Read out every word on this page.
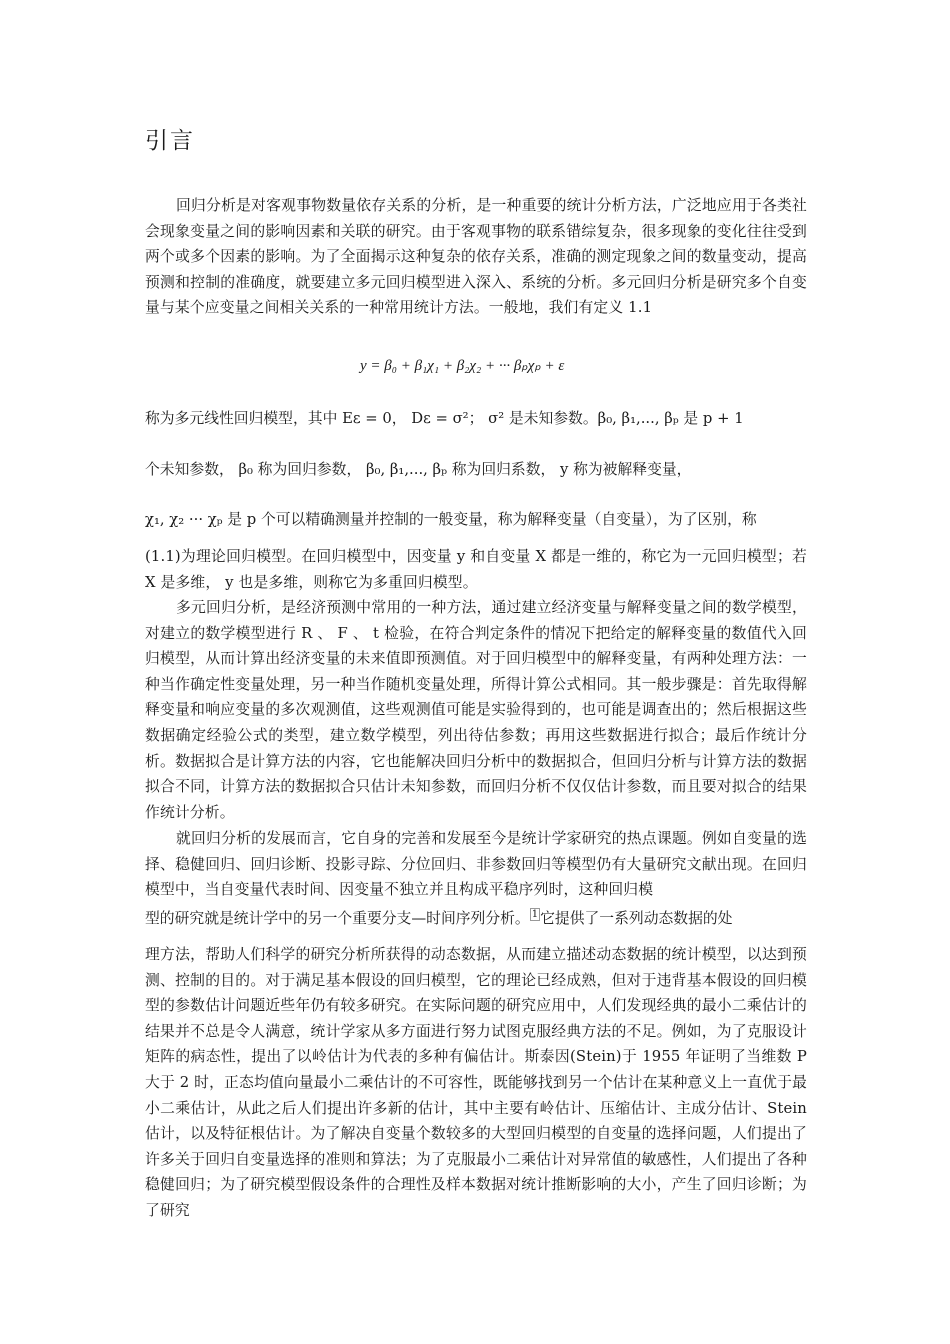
引言

回归分析是对客观事物数量依存关系的分析，是一种重要的统计分析方法，广泛地应用于各类社会现象变量之间的影响因素和关联的研究。由于客观事物的联系错综复杂，很多现象的变化往往受到两个或多个因素的影响。为了全面揭示这种复杂的依存关系，准确的测定现象之间的数量变动，提高预测和控制的准确度，就要建立多元回归模型进入深入、系统的分析。多元回归分析是研究多个自变量与某个应变量之间相关关系的一种常用统计方法。一般地，我们有定义 1.1

y = β₀ + β₁χ₁ + β₂χ₂ + ··· βₚχₚ + ε
称为多元线性回归模型，其中 Eε = 0， Dε = σ²； σ² 是未知参数。β₀, β₁,..., βₚ 是 p + 1
个未知参数， β₀ 称为回归参数， β₀, β₁,..., βₚ 称为回归系数， y 称为被解释变量，
χ₁, χ₂ ··· χₚ 是 p 个可以精确测量并控制的一般变量，称为解释变量（自变量），为了区别，称

(1.1)为理论回归模型。在回归模型中，因变量 y 和自变量 X 都是一维的，称它为一元回归模型；若 X 是多维， y 也是多维，则称它为多重回归模型。

多元回归分析，是经济预测中常用的一种方法，通过建立经济变量与解释变量之间的数学模型，对建立的数学模型进行 R 、 F 、 t 检验，在符合判定条件的情况下把给定的解释变量的数值代入回归模型，从而计算出经济变量的未来值即预测值。对于回归模型中的解释变量，有两种处理方法：一种当作确定性变量处理，另一种当作随机变量处理，所得计算公式相同。其一般步骤是：首先取得解释变量和响应变量的多次观测值，这些观测值可能是实验得到的，也可能是调查出的；然后根据这些数据确定经验公式的类型，建立数学模型，列出待估参数；再用这些数据进行拟合；最后作统计分析。数据拟合是计算方法的内容，它也能解决回归分析中的数据拟合，但回归分析与计算方法的数据拟合不同，计算方法的数据拟合只估计未知参数，而回归分析不仅仅估计参数，而且要对拟合的结果作统计分析。

就回归分析的发展而言，它自身的完善和发展至今是统计学家研究的热点课题。例如自变量的选择、稳健回归、回归诊断、投影寻踪、分位回归、非参数回归等模型仍有大量研究文献出现。在回归模型中，当自变量代表时间、因变量不独立并且构成平稳序列时，这种回归模

型的研究就是统计学中的另一个重要分支—时间序列分析。 $^1$ 它提供了一系列动态数据的处

理方法，帮助人们科学的研究分析所获得的动态数据，从而建立描述动态数据的统计模型，以达到预测、控制的目的。对于满足基本假设的回归模型，它的理论已经成熟，但对于违背基本假设的回归模型的参数估计问题近些年仍有较多研究。在实际问题的研究应用中，人们发现经典的最小二乘估计的结果并不总是令人满意，统计学家从多方面进行努力试图克服经典方法的不足。例如，为了克服设计矩阵的病态性，提出了以岭估计为代表的多种有偏估计。斯泰因(Stein)于 1955 年证明了当维数 P 大于 2 时，正态均值向量最小二乘估计的不可容性，既能够找到另一个估计在某种意义上一直优于最小二乘估计，从此之后人们提出许多新的估计，其中主要有岭估计、压缩估计、主成分估计、Stein 估计，以及特征根估计。为了解决自变量个数较多的大型回归模型的自变量的选择问题，人们提出了许多关于回归自变量选择的准则和算法；为了克服最小二乘估计对异常值的敏感性，人们提出了各种稳健回归；为了研究模型假设条件的合理性及样本数据对统计推断影响的大小，产生了回归诊断；为了研究
